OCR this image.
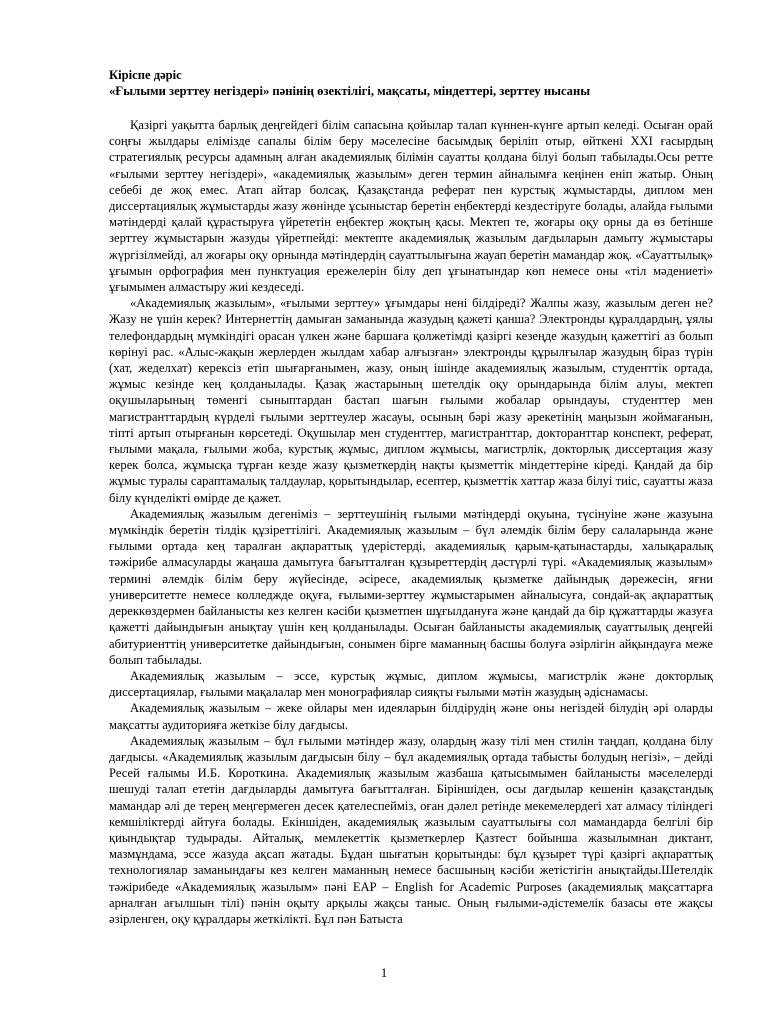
Кіріспе дәріс

«Ғылыми зерттеу негіздері» пәнінің өзектілігі, мақсаты, міндеттері, зерттеу нысаны

Қазіргі уақытта барлық деңгейдегі білім сапасына қойылар талап күннен-күнге артып келеді. Осыған орай соңғы жылдары елімізде сапалы білім беру мәселесіне басымдық беріліп отыр, өйткені XXI ғасырдың стратегиялық ресурсы адамның алған академиялық білімін сауатты қолдана білуі болып табылады.Осы ретте «ғылыми зерттеу негіздері», «академиялық жазылым» деген термин айналымға кеңінен еніп жатыр. Оның себебі де жоқ емес. Атап айтар болсақ, Қазақстанда реферат пен курстық жұмыстарды, диплом мен диссертациялық жұмыстарды жазу жөнінде ұсыныстар беретін еңбектерді кездестіруге болады, алайда ғылыми мәтіндерді қалай құрастыруға үйрететін еңбектер жоқтың қасы. Мектеп те, жоғары оқу орны да өз бетінше зерттеу жұмыстарын жазуды үйретпейді: мектепте академиялық жазылым дағдыларын дамыту жұмыстары жүргізілмейді, ал жоғары оқу орнында мәтіндердің сауаттылығына жауап беретін мамандар жоқ. «Сауаттылық» ұғымын орфография мен пунктуация ережелерін білу деп ұғынатындар көп немесе оны «тіл мәдениеті» ұғымымен алмастыру жиі кездеседі.

«Академиялық жазылым», «ғылыми зерттеу» ұғымдары нені білдіреді? Жалпы жазу, жазылым деген не? Жазу не үшін керек? Интернеттің дамыған заманында жазудың қажеті қанша? Электронды құралдардың, ұялы телефондардың мүмкіндігі орасан үлкен және баршаға қолжетімді қазіргі кезеңде жазудың қажеттігі аз болып көрінуі рас. «Алыс-жақын жерлерден жылдам хабар алғызған» электронды құрылғылар жазудың біраз түрін (хат, жеделхат) керексіз етіп шығарғанымен, жазу, оның ішінде академиялық жазылым, студенттік ортада, жұмыс кезінде кең қолданылады. Қазақ жастарының шетелдік оқу орындарында білім алуы, мектеп оқушыларының төменгі сыныптардан бастап шағын ғылыми жобалар орындауы, студенттер мен магистранттардың күрделі ғылыми зерттеулер жасауы, осының бәрі жазу әрекетінің маңызын жоймағанын, тіпті артып отырғанын көрсетеді. Оқушылар мен студенттер, магистранттар, докторанттар конспект, реферат, ғылыми мақала, ғылыми жоба, курстық жұмыс, диплом жұмысы, магистрлік, докторлық диссертация жазу керек болса, жұмысқа тұрған кезде жазу қызметкердің нақты қызметтік міндеттеріне кіреді. Қандай да бір жұмыс туралы сараптамалық талдаулар, қорытындылар, есептер, қызметтік хаттар жаза білуі тиіс, сауатты жаза білу күнделікті өмірде де қажет.

Академиялық жазылым дегеніміз – зерттеушінің ғылыми мәтіндерді оқуына, түсінуіне және жазуына мүмкіндік беретін тілдік құзіреттілігі. Академиялық жазылым – бүл әлемдік білім беру салаларында және ғылыми ортада кең таралған ақпараттық үдерістерді, академиялық қарым-қатынастарды, халықаралық тәжірибе алмасуларды жаңаша дамытуға бағытталған құзыреттердің дәстүрлі түрі. «Академиялық жазылым» термині әлемдік білім беру жүйесінде, әсіресе, академиялық қызметке дайындық дәрежесін, яғни университетте немесе колледжде оқуға, ғылыми-зерттеу жұмыстарымен айналысуға, сондай-ақ ақпараттық дереккөздермен байланысты кез келген кәсіби қызметпен шұғылдануға және қандай да бір құжаттарды жазуға қажетті дайындығын анықтау үшін кең қолданылады. Осыған байланысты академиялық сауаттылық деңгейі абитуриенттің университетке дайындығын, сонымен бірге маманның басшы болуға әзірлігін айқындауға меже болып табылады.

Академиялық жазылым – эссе, курстық жұмыс, диплом жұмысы, магистрлік және докторлық диссертациялар, ғылыми мақалалар мен монографиялар сияқты ғылыми мәтін жазудың әдіснамасы.

Академиялық жазылым – жеке ойлары мен идеяларын білдірудің және оны негіздей білудің әрі оларды мақсатты аудиторияға жеткізе білу дағдысы.

Академиялық жазылым – бұл ғылыми мәтіндер жазу, олардың жазу тілі мен стилін таңдап, қолдана білу дағдысы. «Академиялық жазылым дағдысын білу – бұл академиялық ортада табысты болудың негізі», – дейді Ресей ғалымы И.Б. Короткина. Академиялық жазылым жазбаша қатысымымен байланысты мәселелерді шешуді талап ететін дағдыларды дамытуға бағытталған. Біріншіден, осы дағдылар кешенін қазақстандық мамандар әлі де терең меңгермеген десек қателеспейміз, оған дәлел ретінде мекемелердегі хат алмасу тіліндегі кемшіліктерді айтуға болады. Екіншіден, академиялық жазылым сауаттылығы сол мамандарда белгілі бір қиындықтар тудырады. Айталық, мемлекеттік қызметкерлер Қазтест бойынша жазылымнан диктант, мазмұндама, эссе жазуда ақсап жатады. Бұдан шығатын қорытынды: бұл құзырет түрі қазіргі ақпараттық технологиялар заманындағы кез келген маманның немесе басшының кәсіби жетістігін анықтайды.Шетелдік тәжірибеде «Академиялық жазылым» пәні EAP – English for Academic Purposes (академиялық мақсаттарға арналған ағылшын тілі) пәнін оқыту арқылы жақсы таныс. Оның ғылыми-әдістемелік базасы өте жақсы әзірленген, оқу құралдары жеткілікті. Бұл пән Батыста

1
